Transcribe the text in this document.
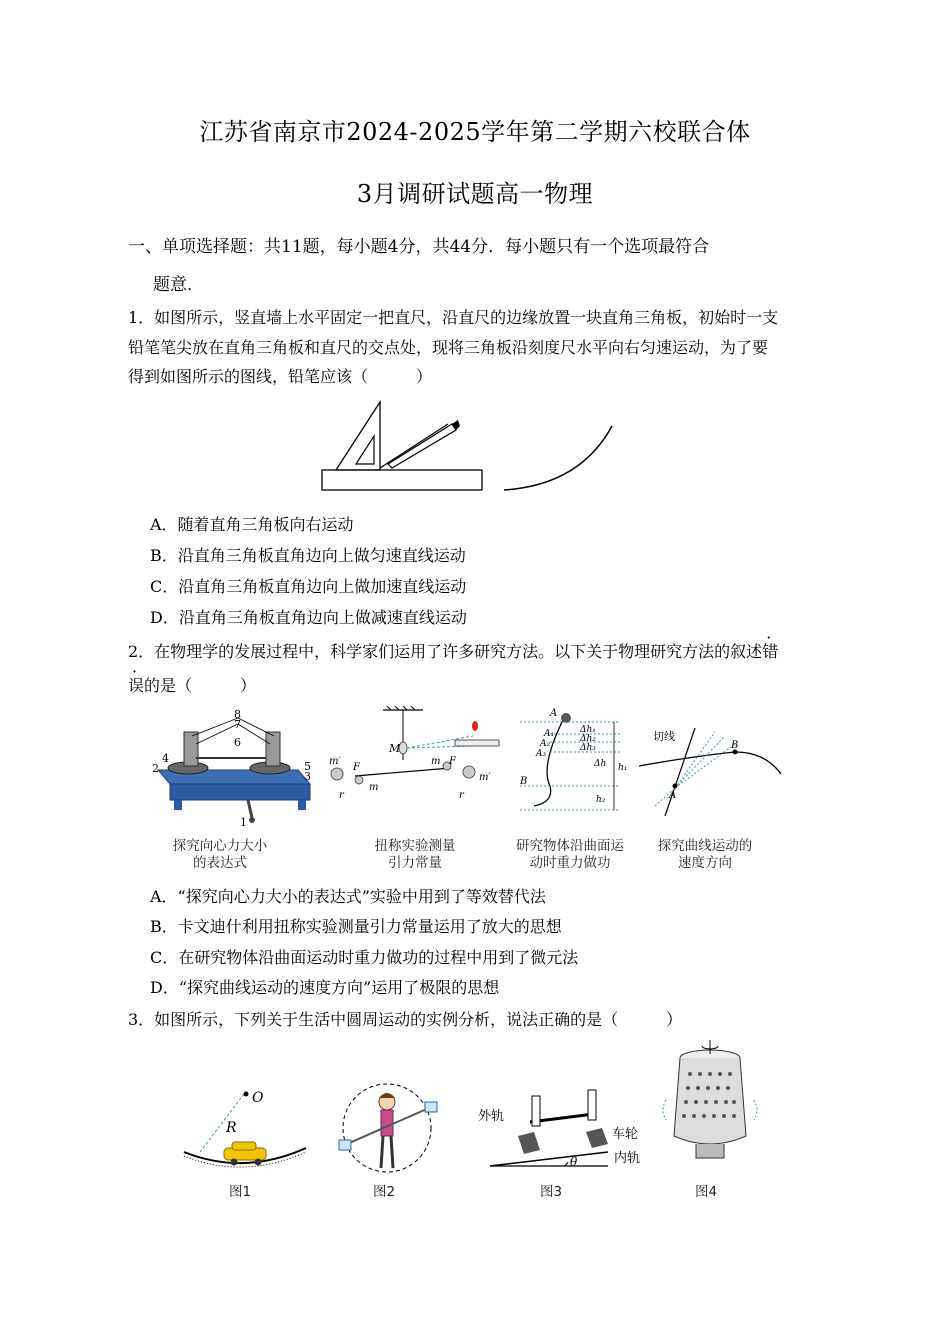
江苏省南京市2024-2025学年第二学期六校联合体
3月调研试题高一物理
一、单项选择题：共11题，每小题4分，共44分．每小题只有一个选项最符合
题意．
1．如图所示，竖直墙上水平固定一把直尺，沿直尺的边缘放置一块直角三角板，初始时一支
铅笔笔尖放在直角三角板和直尺的交点处，现将三角板沿刻度尺水平向右匀速运动，为了要
得到如图所示的图线，铅笔应该（　　　）
A．随着直角三角板向右运动
B．沿直角三角板直角边向上做匀速直线运动
C．沿直角三角板直角边向上做加速直线运动
D．沿直角三角板直角边向上做减速直线运动
2．在物理学的发展过程中，科学家们运用了许多研究方法。以下关于物理研究方法的叙述错
误的是（　　　）
8
7
6
4
2	5
3
1
M
m′
F
m
r
m F
r
m′
A
A₁
A₂
A₃
Δh₁
Δh₂
Δh₃
Δh h₁
B
h₂
切线
A
B
探究向心力大小
的表达式
扭称实验测量
引力常量
研究物体沿曲面运
动时重力做功
探究曲线运动的
速度方向
A．“探究向心力大小的表达式”实验中用到了等效替代法
B．卡文迪什利用扭称实验测量引力常量运用了放大的思想
C．在研究物体沿曲面运动时重力做功的过程中用到了微元法
D．“探究曲线运动的速度方向”运用了极限的思想
3．如图所示，下列关于生活中圆周运动的实例分析，说法正确的是（　　　）
O
R
外轨
车轮
内轨
θ
图1	图2	图3	图4
